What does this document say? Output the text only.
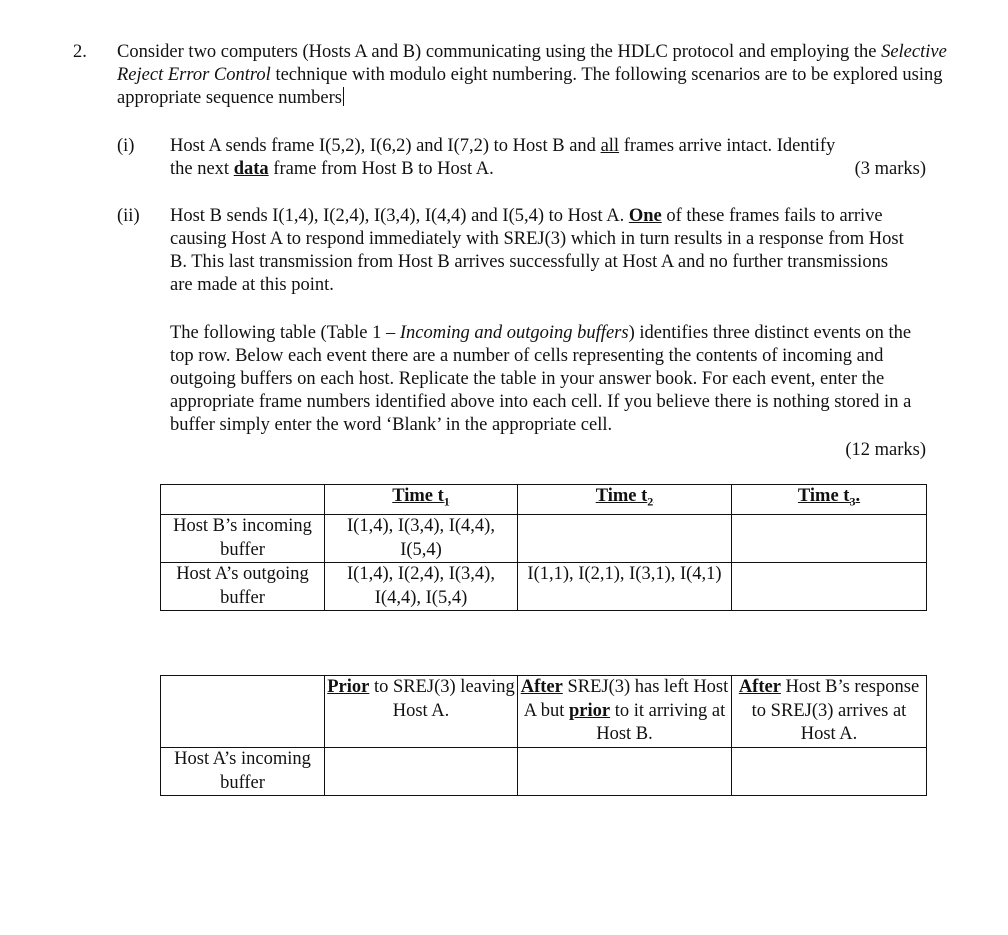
2. Consider two computers (Hosts A and B) communicating using the HDLC protocol and employing the Selective Reject Error Control technique with modulo eight numbering. The following scenarios are to be explored using appropriate sequence numbers
(i) Host A sends frame I(5,2), I(6,2) and I(7,2) to Host B and all frames arrive intact. Identify
the next data frame from Host B to Host A.	(3 marks)
(ii) Host B sends I(1,4), I(2,4), I(3,4), I(4,4) and I(5,4) to Host A. One of these frames fails to arrive causing Host A to respond immediately with SREJ(3) which in turn results in a response from Host B. This last transmission from Host B arrives successfully at Host A and no further transmissions are made at this point.
The following table (Table 1 – Incoming and outgoing buffers) identifies three distinct events on the top row. Below each event there are a number of cells representing the contents of incoming and outgoing buffers on each host. Replicate the table in your answer book. For each event, enter the appropriate frame numbers identified above into each cell. If you believe there is nothing stored in a buffer simply enter the word ‘Blank’ in the appropriate cell.
(12 marks)
	Time $t_1$	Time $t_2$	Time $t_3$.
Host B’s incoming buffer	I(1,4), I(3,4), I(4,4), I(5,4)		
Host A’s outgoing buffer	I(1,4), I(2,4), I(3,4), I(4,4), I(5,4)	I(1,1), I(2,1), I(3,1), I(4,1)	
	Prior to SREJ(3) leaving Host A.	After SREJ(3) has left Host A but prior to it arriving at Host B.	After Host B’s response to SREJ(3) arrives at Host A.
Host A’s incoming buffer			
